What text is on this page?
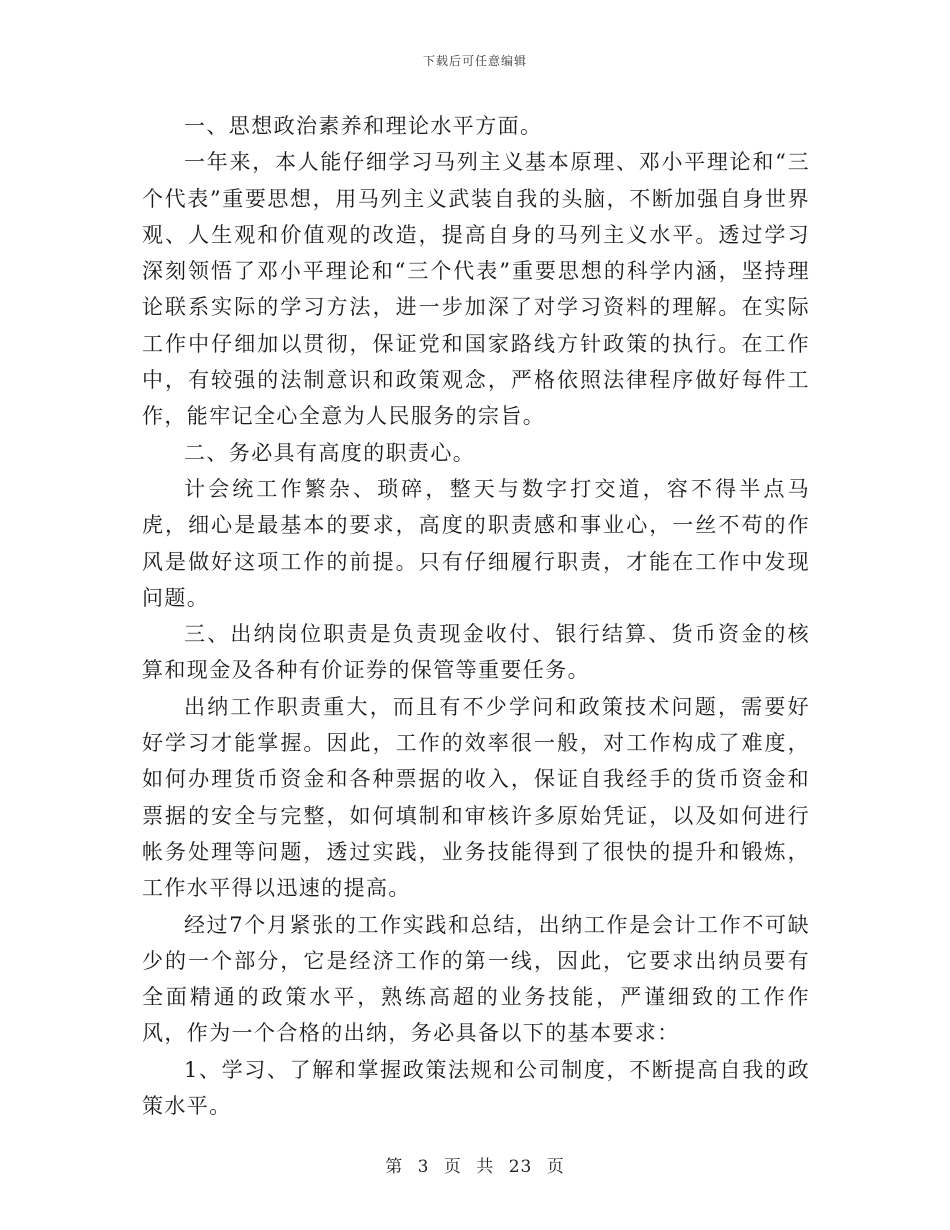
下载后可任意编辑

一、思想政治素养和理论水平方面。

一年来，本人能仔细学习马列主义基本原理、邓小平理论和“三个代表”重要思想，用马列主义武装自我的头脑，不断加强自身世界观、人生观和价值观的改造，提高自身的马列主义水平。透过学习深刻领悟了邓小平理论和“三个代表”重要思想的科学内涵，坚持理论联系实际的学习方法，进一步加深了对学习资料的理解。在实际工作中仔细加以贯彻，保证党和国家路线方针政策的执行。在工作中，有较强的法制意识和政策观念，严格依照法律程序做好每件工作，能牢记全心全意为人民服务的宗旨。

二、务必具有高度的职责心。

计会统工作繁杂、琐碎，整天与数字打交道，容不得半点马虎，细心是最基本的要求，高度的职责感和事业心，一丝不苟的作风是做好这项工作的前提。只有仔细履行职责，才能在工作中发现问题。

三、出纳岗位职责是负责现金收付、银行结算、货币资金的核算和现金及各种有价证券的保管等重要任务。

出纳工作职责重大，而且有不少学问和政策技术问题，需要好好学习才能掌握。因此，工作的效率很一般，对工作构成了难度，如何办理货币资金和各种票据的收入，保证自我经手的货币资金和票据的安全与完整，如何填制和审核许多原始凭证，以及如何进行帐务处理等问题，透过实践，业务技能得到了很快的提升和锻炼，工作水平得以迅速的提高。

经过7个月紧张的工作实践和总结，出纳工作是会计工作不可缺少的一个部分，它是经济工作的第一线，因此，它要求出纳员要有全面精通的政策水平，熟练高超的业务技能，严谨细致的工作作风，作为一个合格的出纳，务必具备以下的基本要求：

1、学习、了解和掌握政策法规和公司制度，不断提高自我的政策水平。

第 3 页 共 23 页
